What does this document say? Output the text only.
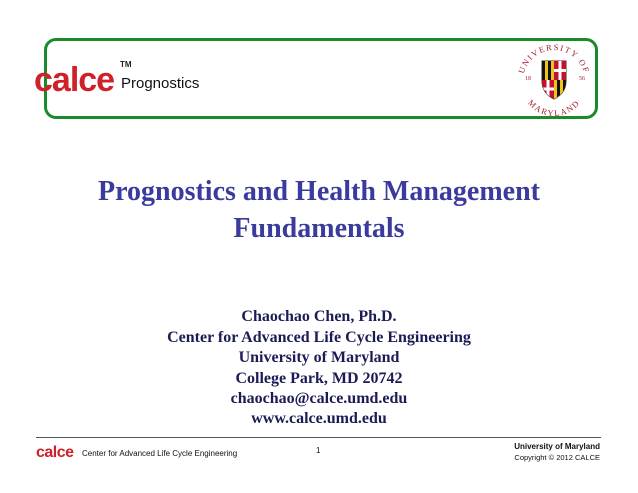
calce TM
Prognostics
UNIVERSITY OF
MARYLAND
18	56
Prognostics and Health Management
Fundamentals
Chaochao Chen, Ph.D.
Center for Advanced Life Cycle Engineering
University of Maryland
College Park, MD 20742
chaochao@calce.umd.edu
www.calce.umd.edu
calce Center for Advanced Life Cycle Engineering	1	University of Maryland
Copyright © 2012 CALCE
